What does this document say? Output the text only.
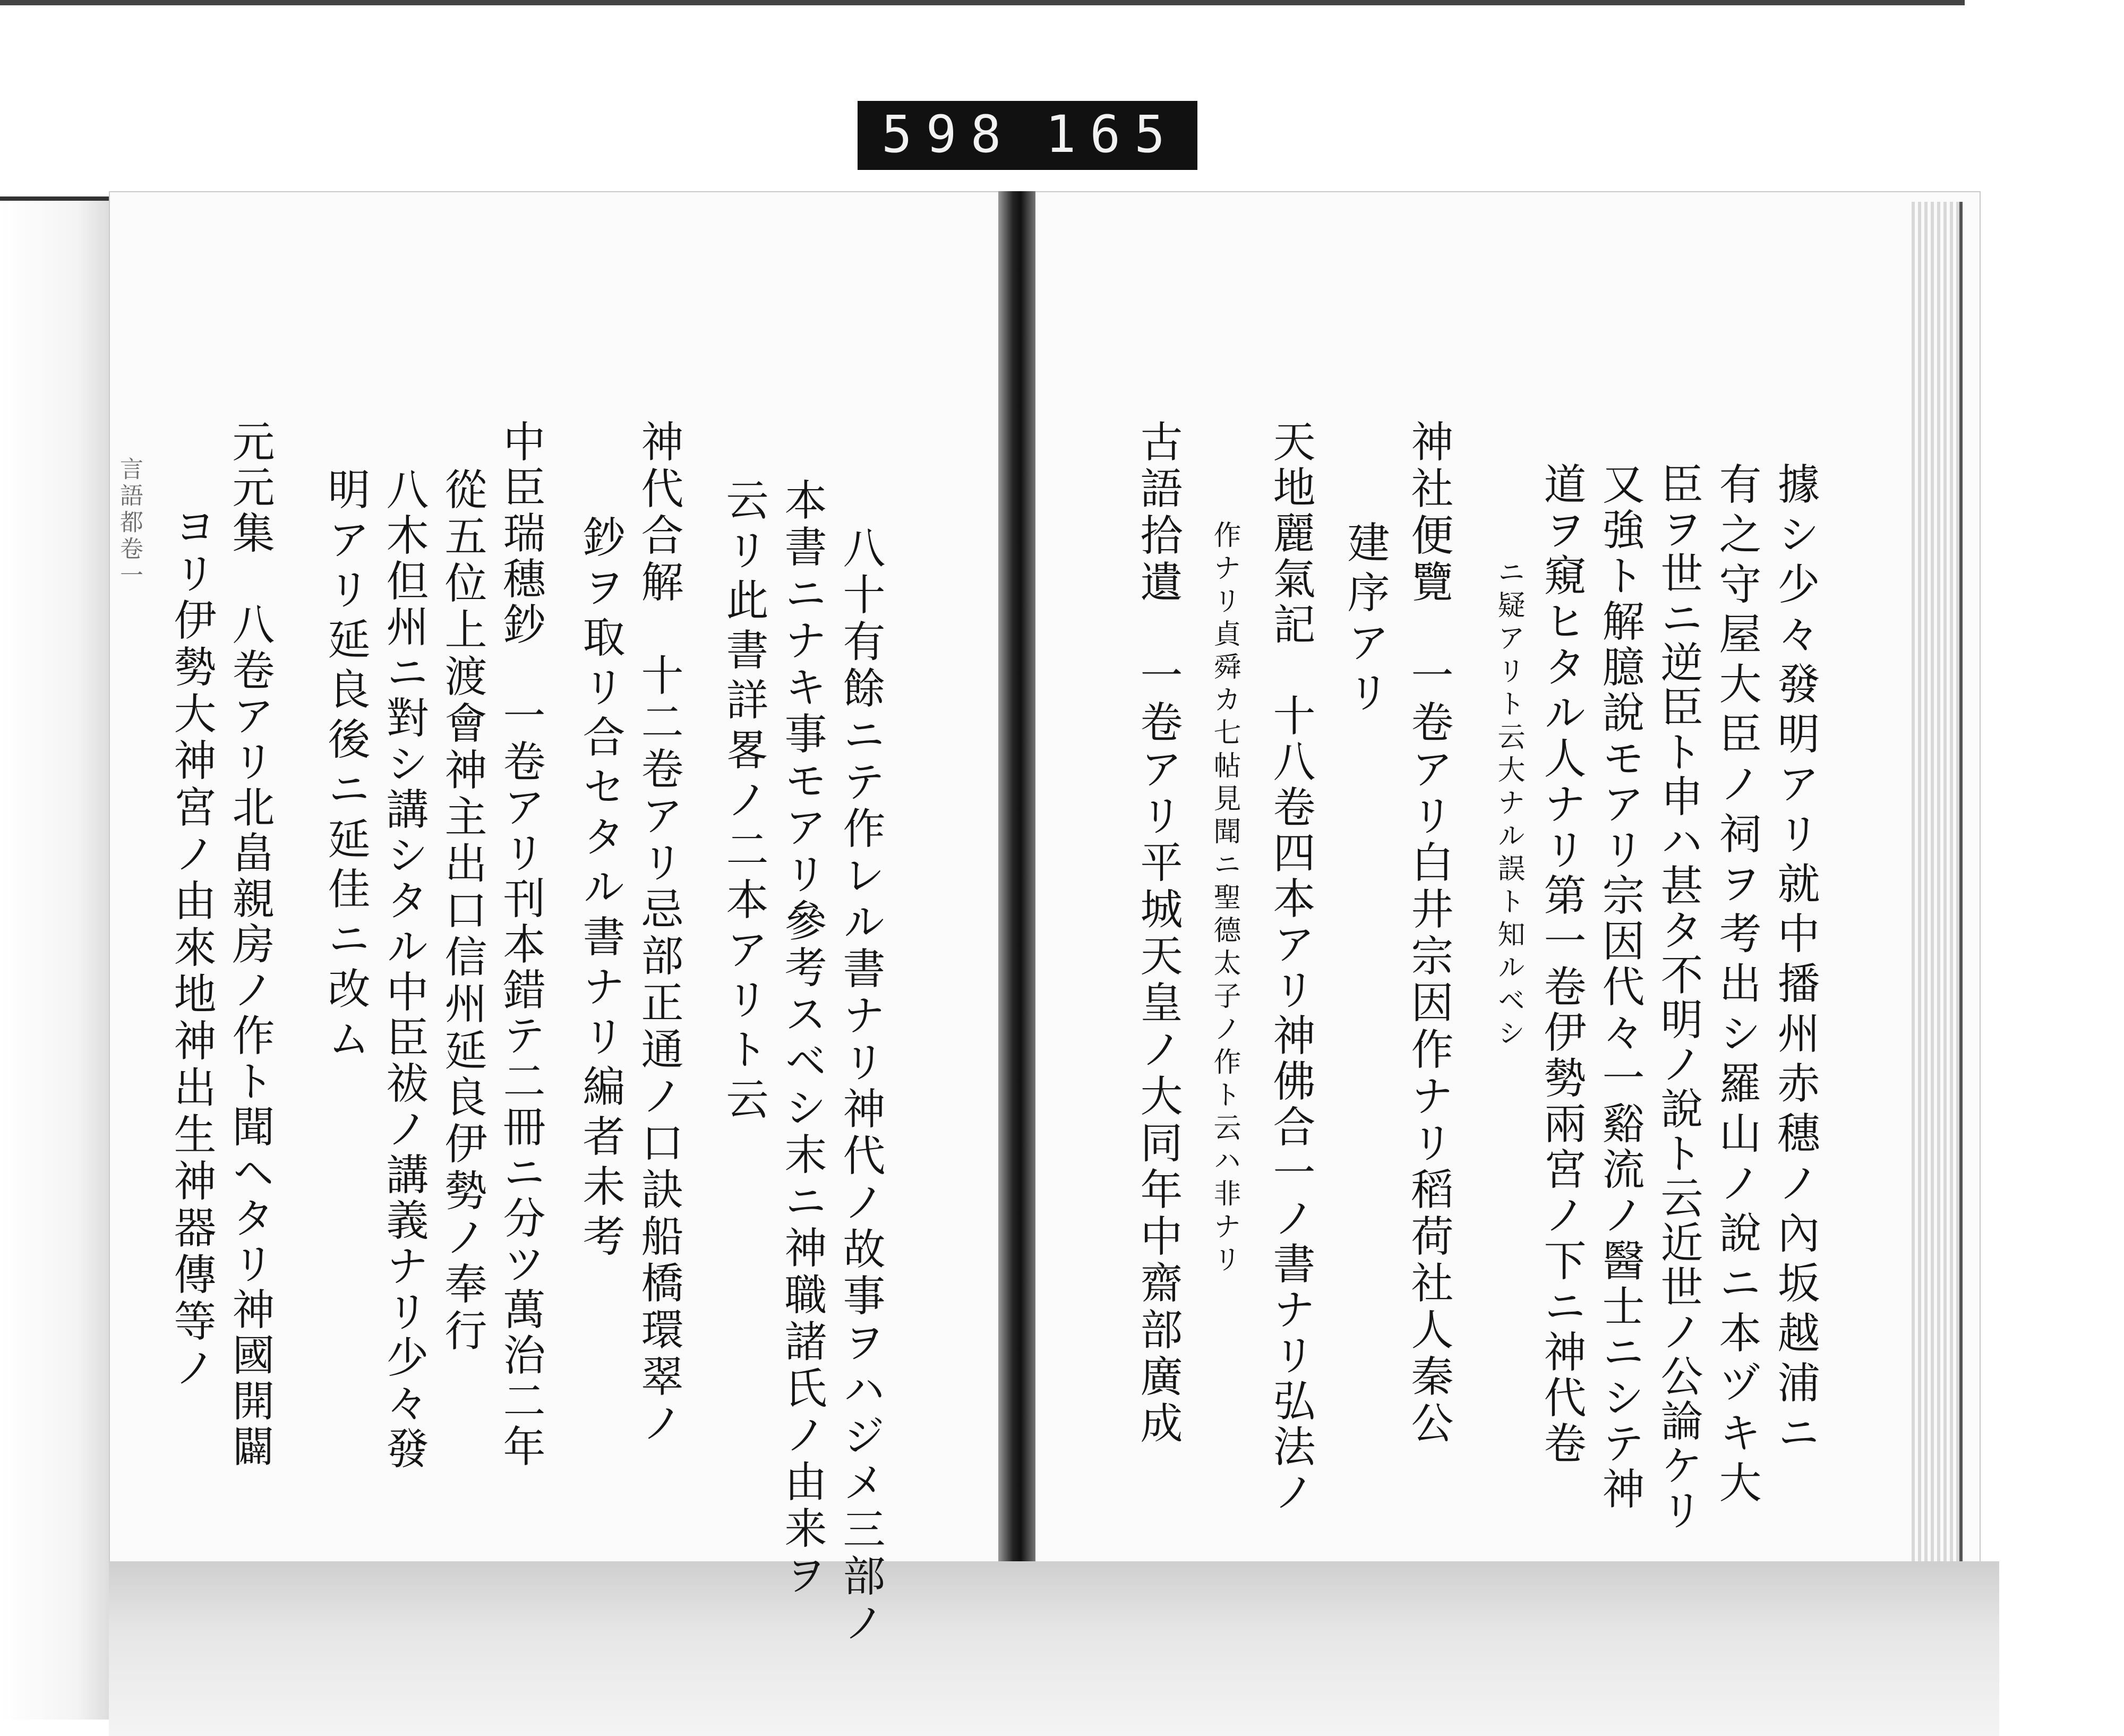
598 165
言語都卷一	據シ少々發明アリ就中播州赤穗ノ內坂越浦ニ
有之守屋大臣ノ祠ヲ考出シ羅山ノ說ニ本ヅキ大
臣ヲ世ニ逆臣ト申ハ甚タ不明ノ說ト云近世ノ公論ケリ
又強ト解臆說モアリ宗因代々一谿流ノ醫士ニシテ神
道ヲ窺ヒタル人ナリ第一卷伊勢兩宮ノ下ニ神代卷
ニ疑アリト云大ナル誤ト知ルベシ
神社便覽　一卷アリ白井宗因作ナリ稻荷社人秦公
建序アリ
天地麗氣記　十八卷四本アリ神佛合一ノ書ナリ弘法ノ
作ナリ貞舜カ七帖見聞ニ聖德太子ノ作ト云ハ非ナリ
古語拾遺　一卷アリ平城天皇ノ大同年中齋部廣成
八十有餘ニテ作レル書ナリ神代ノ故事ヲハジメ三部ノ
本書ニナキ事モアリ參考スベシ末ニ神職諸氏ノ由来ヲ
云リ此書詳畧ノ二本アリト云
神代合解　十二卷アリ忌部正通ノ口訣船橋環翠ノ
鈔ヲ取リ合セタル書ナリ編者未考
中臣瑞穗鈔　一卷アリ刊本錯テ二冊ニ分ツ萬治二年
從五位上渡會神主出口信州延良伊勢ノ奉行
八木但州ニ對シ講シタル中臣祓ノ講義ナリ少々發
明アリ延良後ニ延佳ニ改ム
元元集　八卷アリ北畠親房ノ作ト聞ヘタリ神國開闢
ヨリ伊勢大神宮ノ由來地神出生神器傳等ノ
